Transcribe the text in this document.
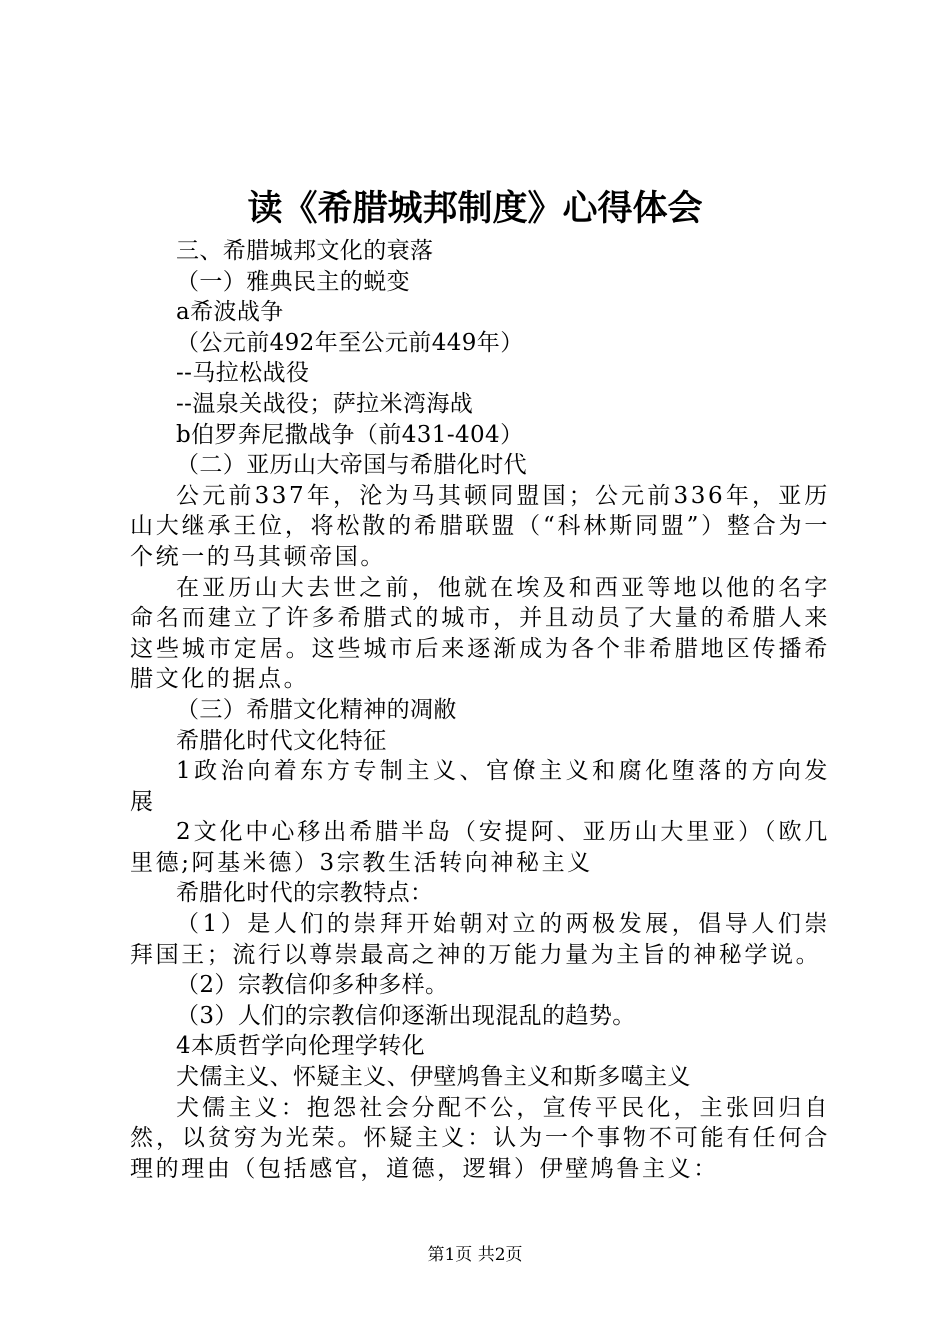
读《希腊城邦制度》心得体会

三、希腊城邦文化的衰落

（一）雅典民主的蜕变

a希波战争

（公元前492年至公元前449年）

--马拉松战役

--温泉关战役；萨拉米湾海战

b伯罗奔尼撒战争（前431-404）

（二）亚历山大帝国与希腊化时代

公元前337年，沦为马其顿同盟国；公元前336年，亚历山大继承王位，将松散的希腊联盟（“科林斯同盟”）整合为一个统一的马其顿帝国。

在亚历山大去世之前，他就在埃及和西亚等地以他的名字命名而建立了许多希腊式的城市，并且动员了大量的希腊人来这些城市定居。这些城市后来逐渐成为各个非希腊地区传播希腊文化的据点。

（三）希腊文化精神的凋敝

希腊化时代文化特征

1政治向着东方专制主义、官僚主义和腐化堕落的方向发展

2文化中心移出希腊半岛（安提阿、亚历山大里亚）（欧几里德;阿基米德）3宗教生活转向神秘主义

希腊化时代的宗教特点：

（1）是人们的崇拜开始朝对立的两极发展，倡导人们崇拜国王；流行以尊崇最高之神的万能力量为主旨的神秘学说。

（2）宗教信仰多种多样。

（3）人们的宗教信仰逐渐出现混乱的趋势。

4本质哲学向伦理学转化

犬儒主义、怀疑主义、伊壁鸠鲁主义和斯多噶主义

犬儒主义：抱怨社会分配不公，宣传平民化，主张回归自然，以贫穷为光荣。怀疑主义：认为一个事物不可能有任何合理的理由（包括感官，道德，逻辑）伊壁鸠鲁主义：

第1页 共2页
